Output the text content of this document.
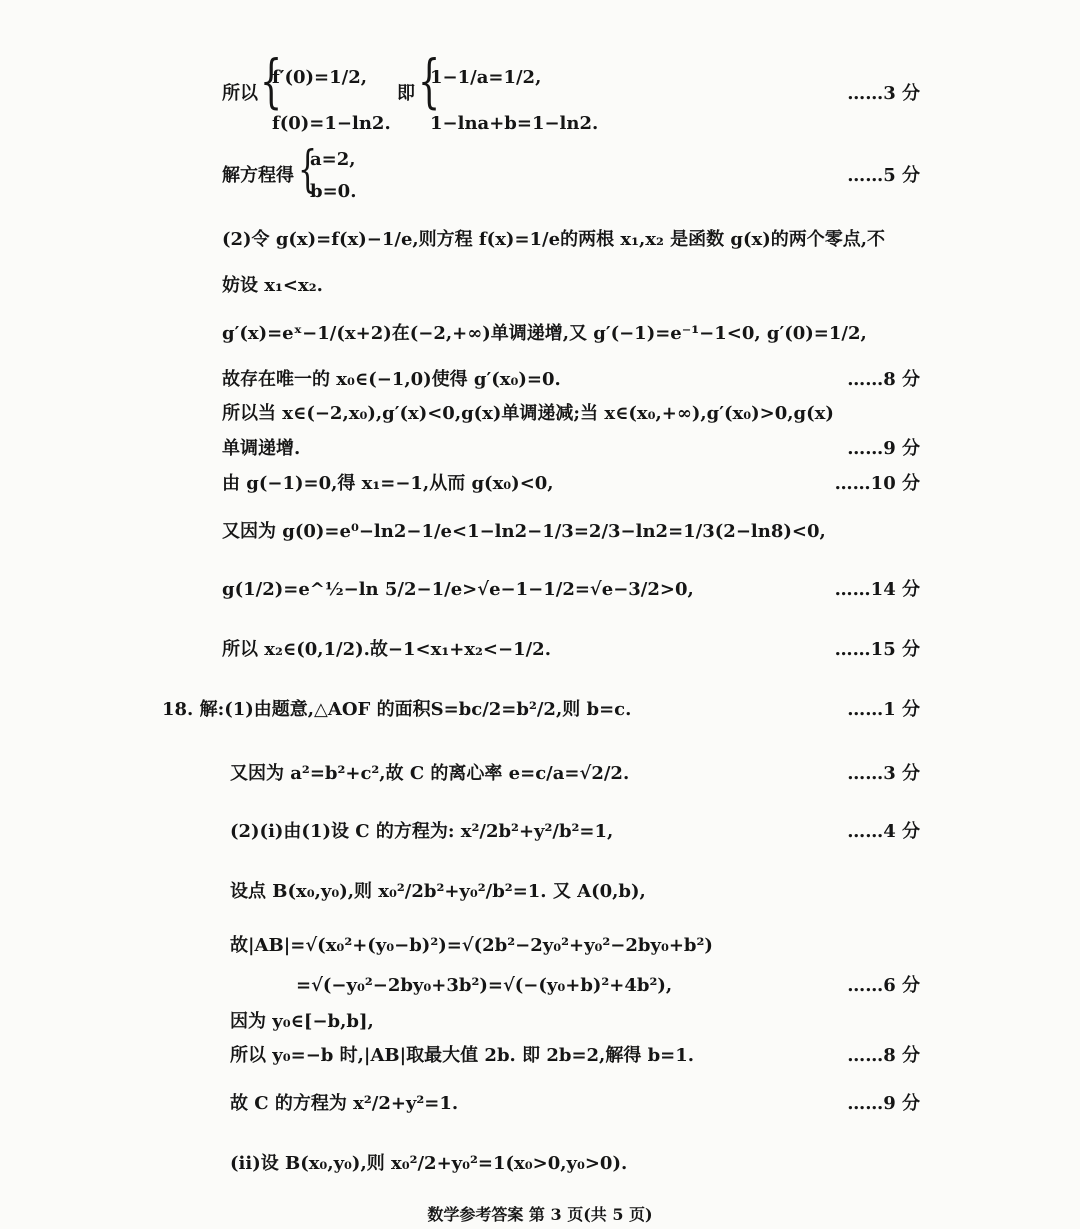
所以 {
f′(0)=1/2,
f(0)=1−ln2.
即 {
1−1/a=1/2,
1−lna+b=1−ln2.
……3 分
解方程得 {
a=2,
b=0.
……5 分
(2)令 g(x)=f(x)−1/e,则方程 f(x)=1/e的两根 x₁,x₂ 是函数 g(x)的两个零点,不
妨设 x₁<x₂.
g′(x)=eˣ−1/(x+2)在(−2,+∞)单调递增,又 g′(−1)=e⁻¹−1<0, g′(0)=1/2,
故存在唯一的 x₀∈(−1,0)使得 g′(x₀)=0.	……8 分
所以当 x∈(−2,x₀),g′(x)<0,g(x)单调递减;当 x∈(x₀,+∞),g′(x₀)>0,g(x)
单调递增.	……9 分
由 g(−1)=0,得 x₁=−1,从而 g(x₀)<0,	……10 分
又因为 g(0)=e⁰−ln2−1/e<1−ln2−1/3=2/3−ln2=1/3(2−ln8)<0,
g(1/2)=e^½−ln 5/2−1/e>√e−1−1/2=√e−3/2>0,	……14 分
所以 x₂∈(0,1/2).故−1<x₁+x₂<−1/2.	……15 分
18. 解:(1)由题意,△AOF 的面积S=bc/2=b²/2,则 b=c.	……1 分
又因为 a²=b²+c²,故 C 的离心率 e=c/a=√2/2.	……3 分
(2)(i)由(1)设 C 的方程为: x²/2b²+y²/b²=1,	……4 分
设点 B(x₀,y₀),则 x₀²/2b²+y₀²/b²=1. 又 A(0,b),
故|AB|=√(x₀²+(y₀−b)²)=√(2b²−2y₀²+y₀²−2by₀+b²)
=√(−y₀²−2by₀+3b²)=√(−(y₀+b)²+4b²),	……6 分
因为 y₀∈[−b,b],
所以 y₀=−b 时,|AB|取最大值 2b. 即 2b=2,解得 b=1.	……8 分
故 C 的方程为 x²/2+y²=1.	……9 分
(ii)设 B(x₀,y₀),则 x₀²/2+y₀²=1(x₀>0,y₀>0).
数学参考答案 第 3 页(共 5 页)
